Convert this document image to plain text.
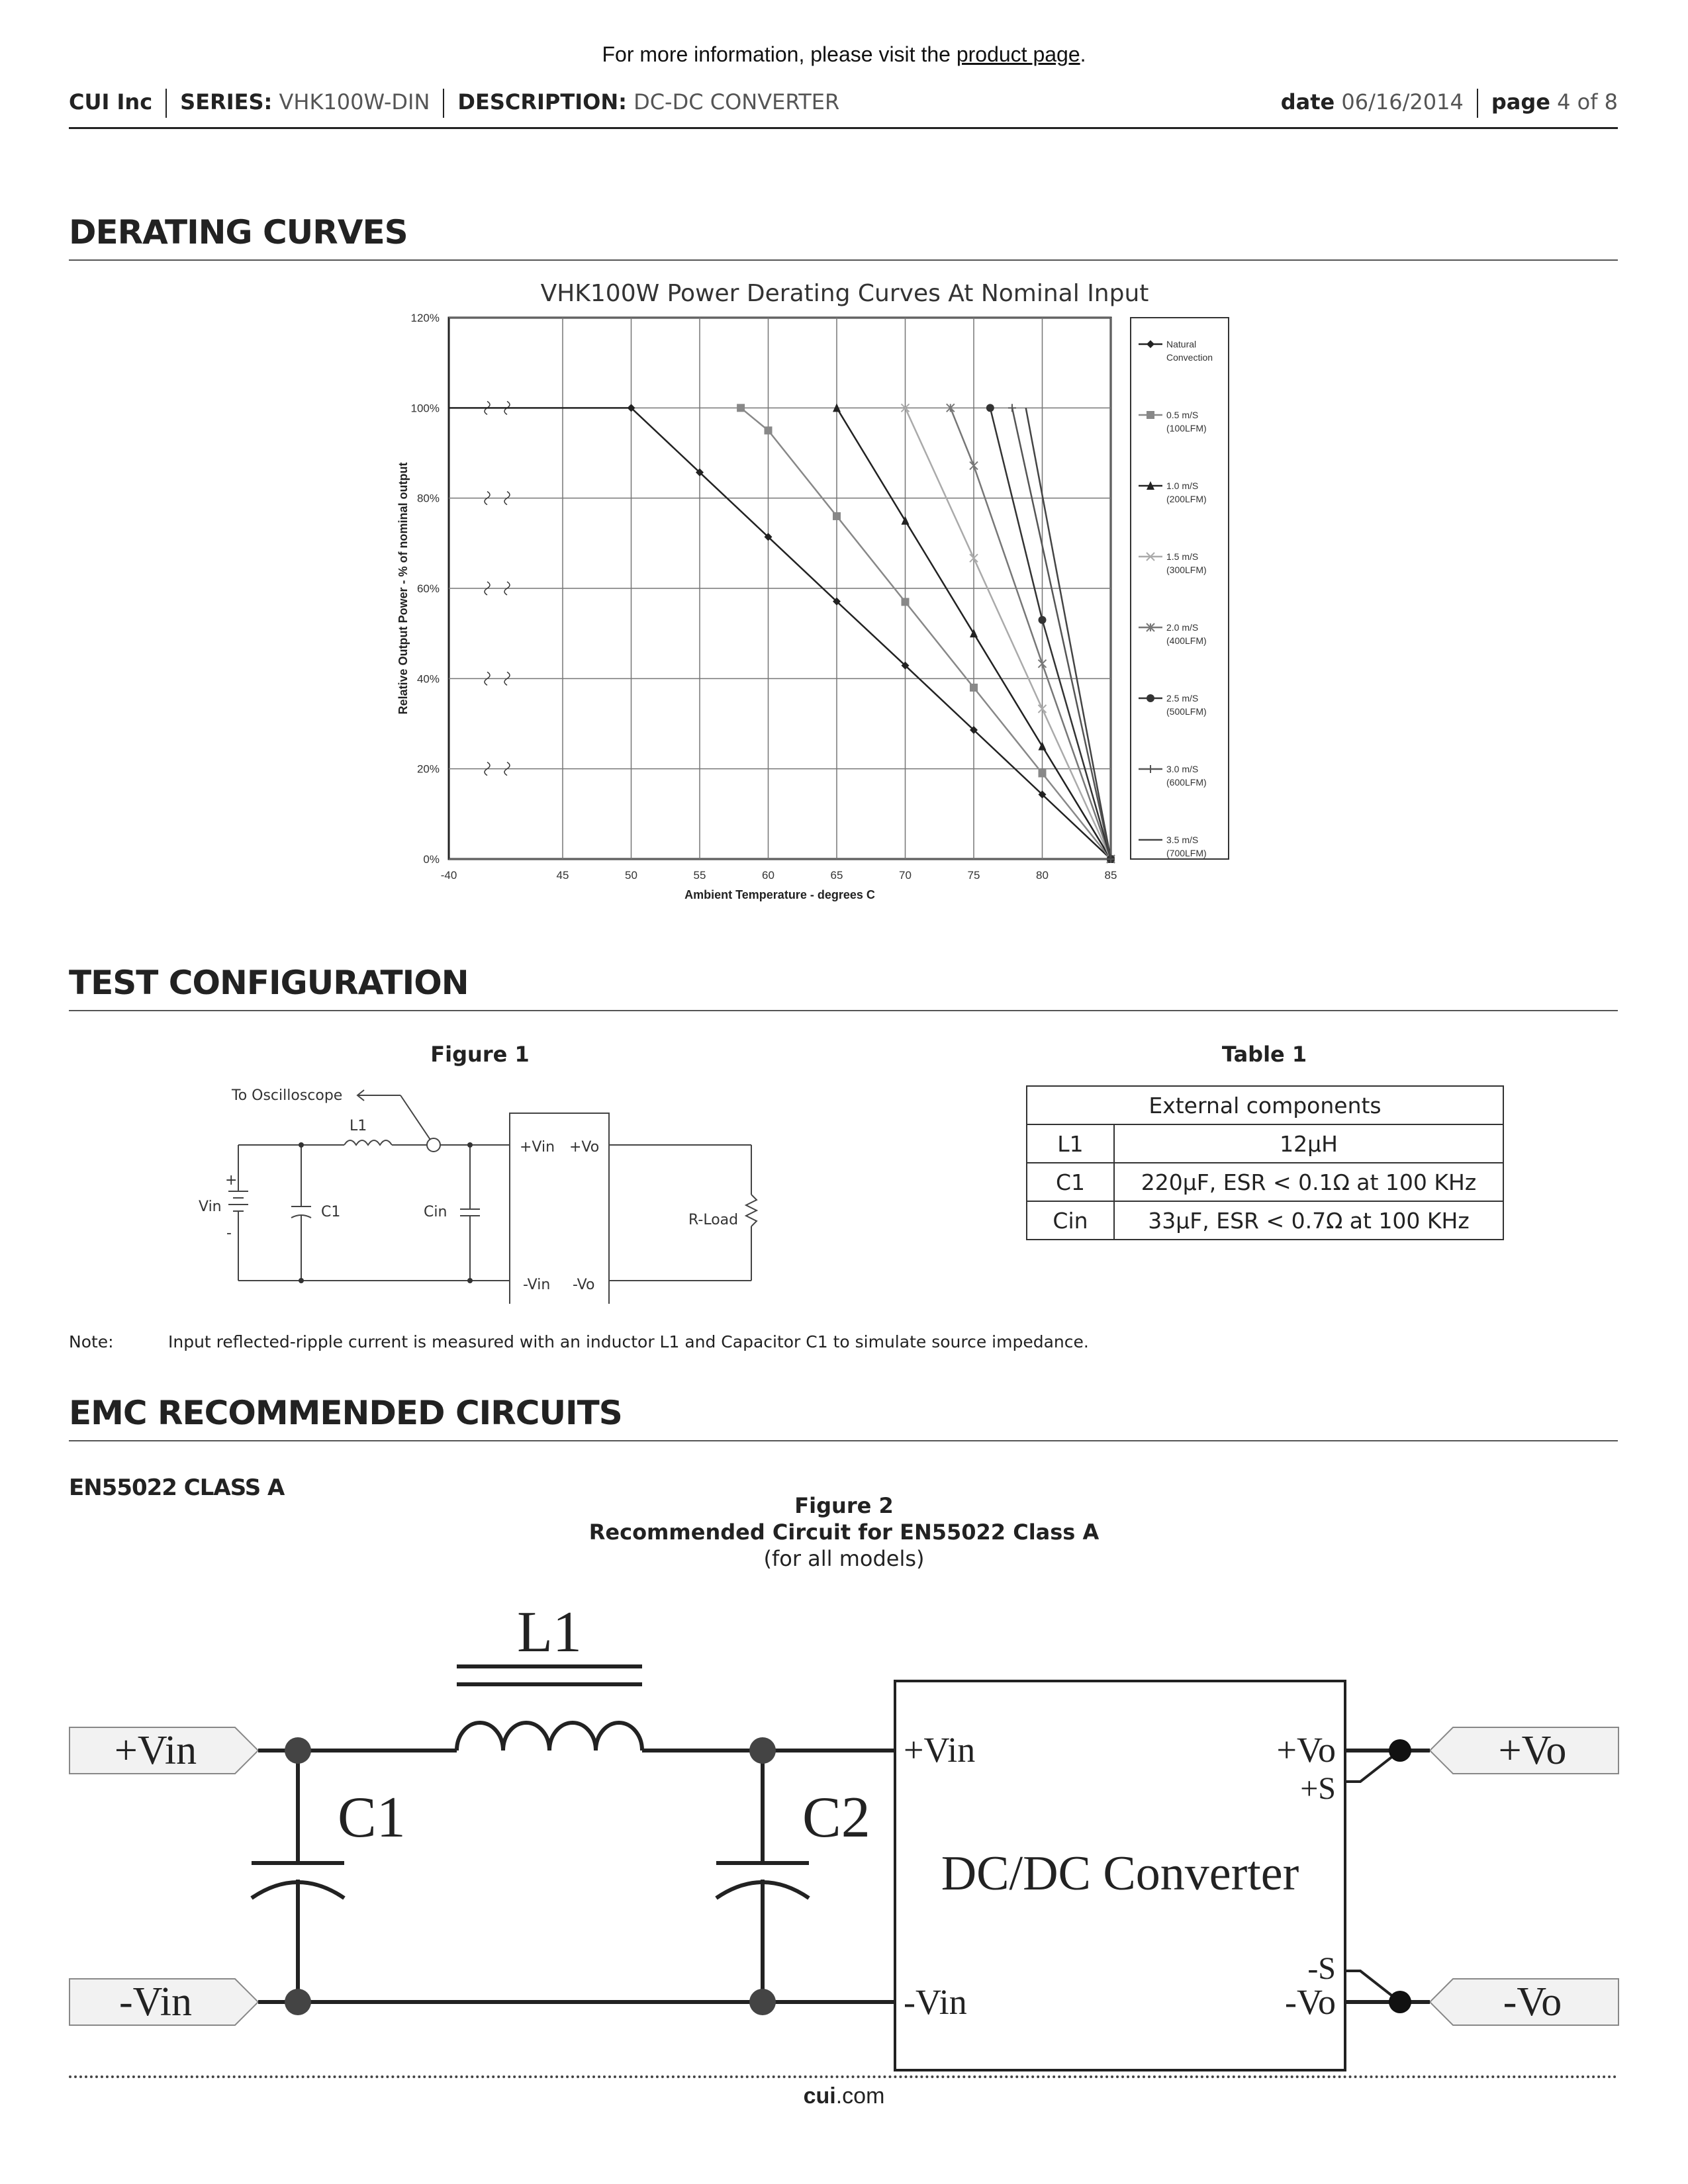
For more information, please visit the product page.
CUI Inc SERIES: VHK100W-DIN DESCRIPTION: DC-DC CONVERTER	date 06/16/2014 page 4 of 8
DERATING CURVES
VHK100W Power Derating Curves At Nominal Input
0%
20%
40%
60%
80%
100%
120%
-40	45	50	55	60	65	70	75	80	85
Ambient Temperature - degrees C
Relative Output Power - % of nominal output
Natural
Convection
0.5 m/S
(100LFM)
1.0 m/S
(200LFM)
1.5 m/S
(300LFM)
2.0 m/S
(400LFM)
2.5 m/S
(500LFM)
3.0 m/S
(600LFM)
3.5 m/S
(700LFM)
TEST CONFIGURATION
Figure 1
To Oscilloscope
L1
Vin
+
-
C1	Cin
+Vin +Vo
-Vin -Vo
R-Load
Table 1
External components	
L1	12µH
C1	220µF, ESR < 0.1Ω at 100 KHz
Cin	33µF, ESR < 0.7Ω at 100 KHz
Note:	Input reflected-ripple current is measured with an inductor L1 and Capacitor C1 to simulate source impedance.
EMC RECOMMENDED CIRCUITS
EN55022 CLASS A
Figure 2
Recommended Circuit for EN55022 Class A
(for all models)
L1
C1	C2
+Vin
-Vin
+Vo
-Vo
+Vin
-Vin
+Vo
-Vo
+S
-S
DC/DC Converter
cui.com
